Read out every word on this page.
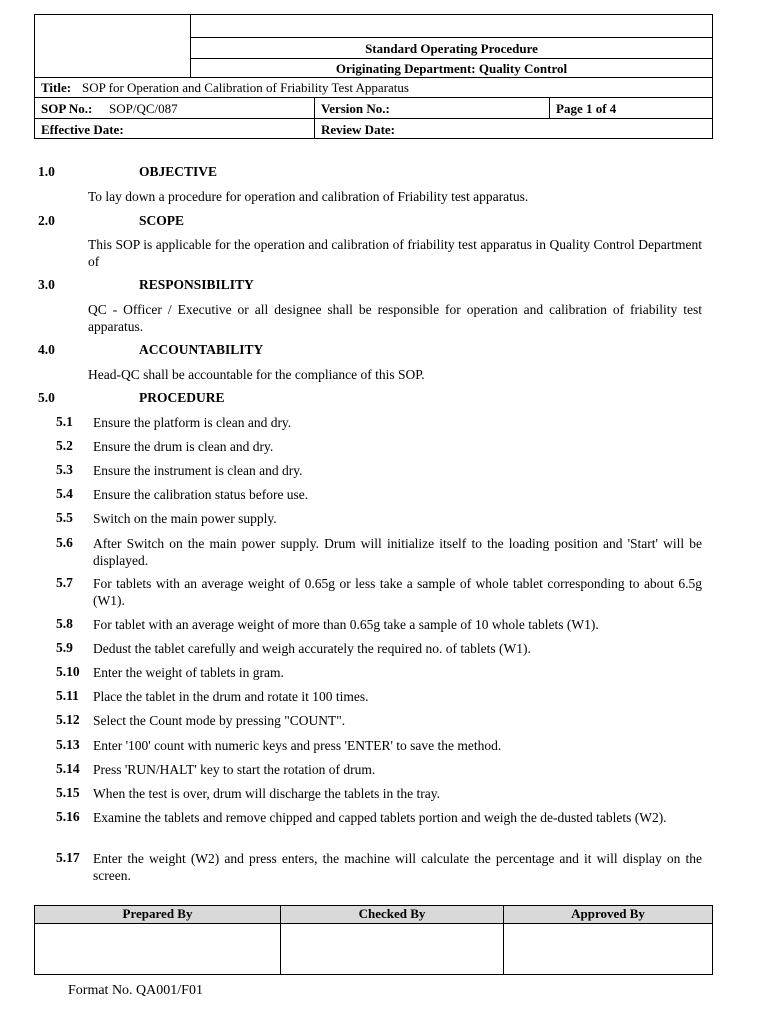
Standard Operating Procedure
Originating Department: Quality Control
Title: SOP for Operation and Calibration of Friability Test Apparatus
SOP No.: SOP/QC/087	Version No.:	Page 1 of 4
Effective Date:	Review Date:
1.0	OBJECTIVE
To lay down a procedure for operation and calibration of Friability test apparatus.
2.0	SCOPE
This SOP is applicable for the operation and calibration of friability test apparatus in Quality Control Department of
3.0	RESPONSIBILITY
QC - Officer / Executive or all designee shall be responsible for operation and calibration of friability test apparatus.
4.0	ACCOUNTABILITY
Head-QC shall be accountable for the compliance of this SOP.
5.0	PROCEDURE
5.1 Ensure the platform is clean and dry.
5.2 Ensure the drum is clean and dry.
5.3 Ensure the instrument is clean and dry.
5.4 Ensure the calibration status before use.
5.5 Switch on the main power supply.
5.6 After Switch on the main power supply. Drum will initialize itself to the loading position and 'Start' will be displayed.
5.7 For tablets with an average weight of 0.65g or less take a sample of whole tablet corresponding to about 6.5g (W1).
5.8 For tablet with an average weight of more than 0.65g take a sample of 10 whole tablets (W1).
5.9 Dedust the tablet carefully and weigh accurately the required no. of tablets (W1).
5.10 Enter the weight of tablets in gram.
5.11 Place the tablet in the drum and rotate it 100 times.
5.12 Select the Count mode by pressing "COUNT".
5.13 Enter '100' count with numeric keys and press 'ENTER' to save the method.
5.14 Press 'RUN/HALT' key to start the rotation of drum.
5.15 When the test is over, drum will discharge the tablets in the tray.
5.16 Examine the tablets and remove chipped and capped tablets portion and weigh the de-dusted tablets (W2).
5.17 Enter the weight (W2) and press enters, the machine will calculate the percentage and it will display on the screen.
Prepared By	Checked By	Approved By
Format No. QA001/F01
